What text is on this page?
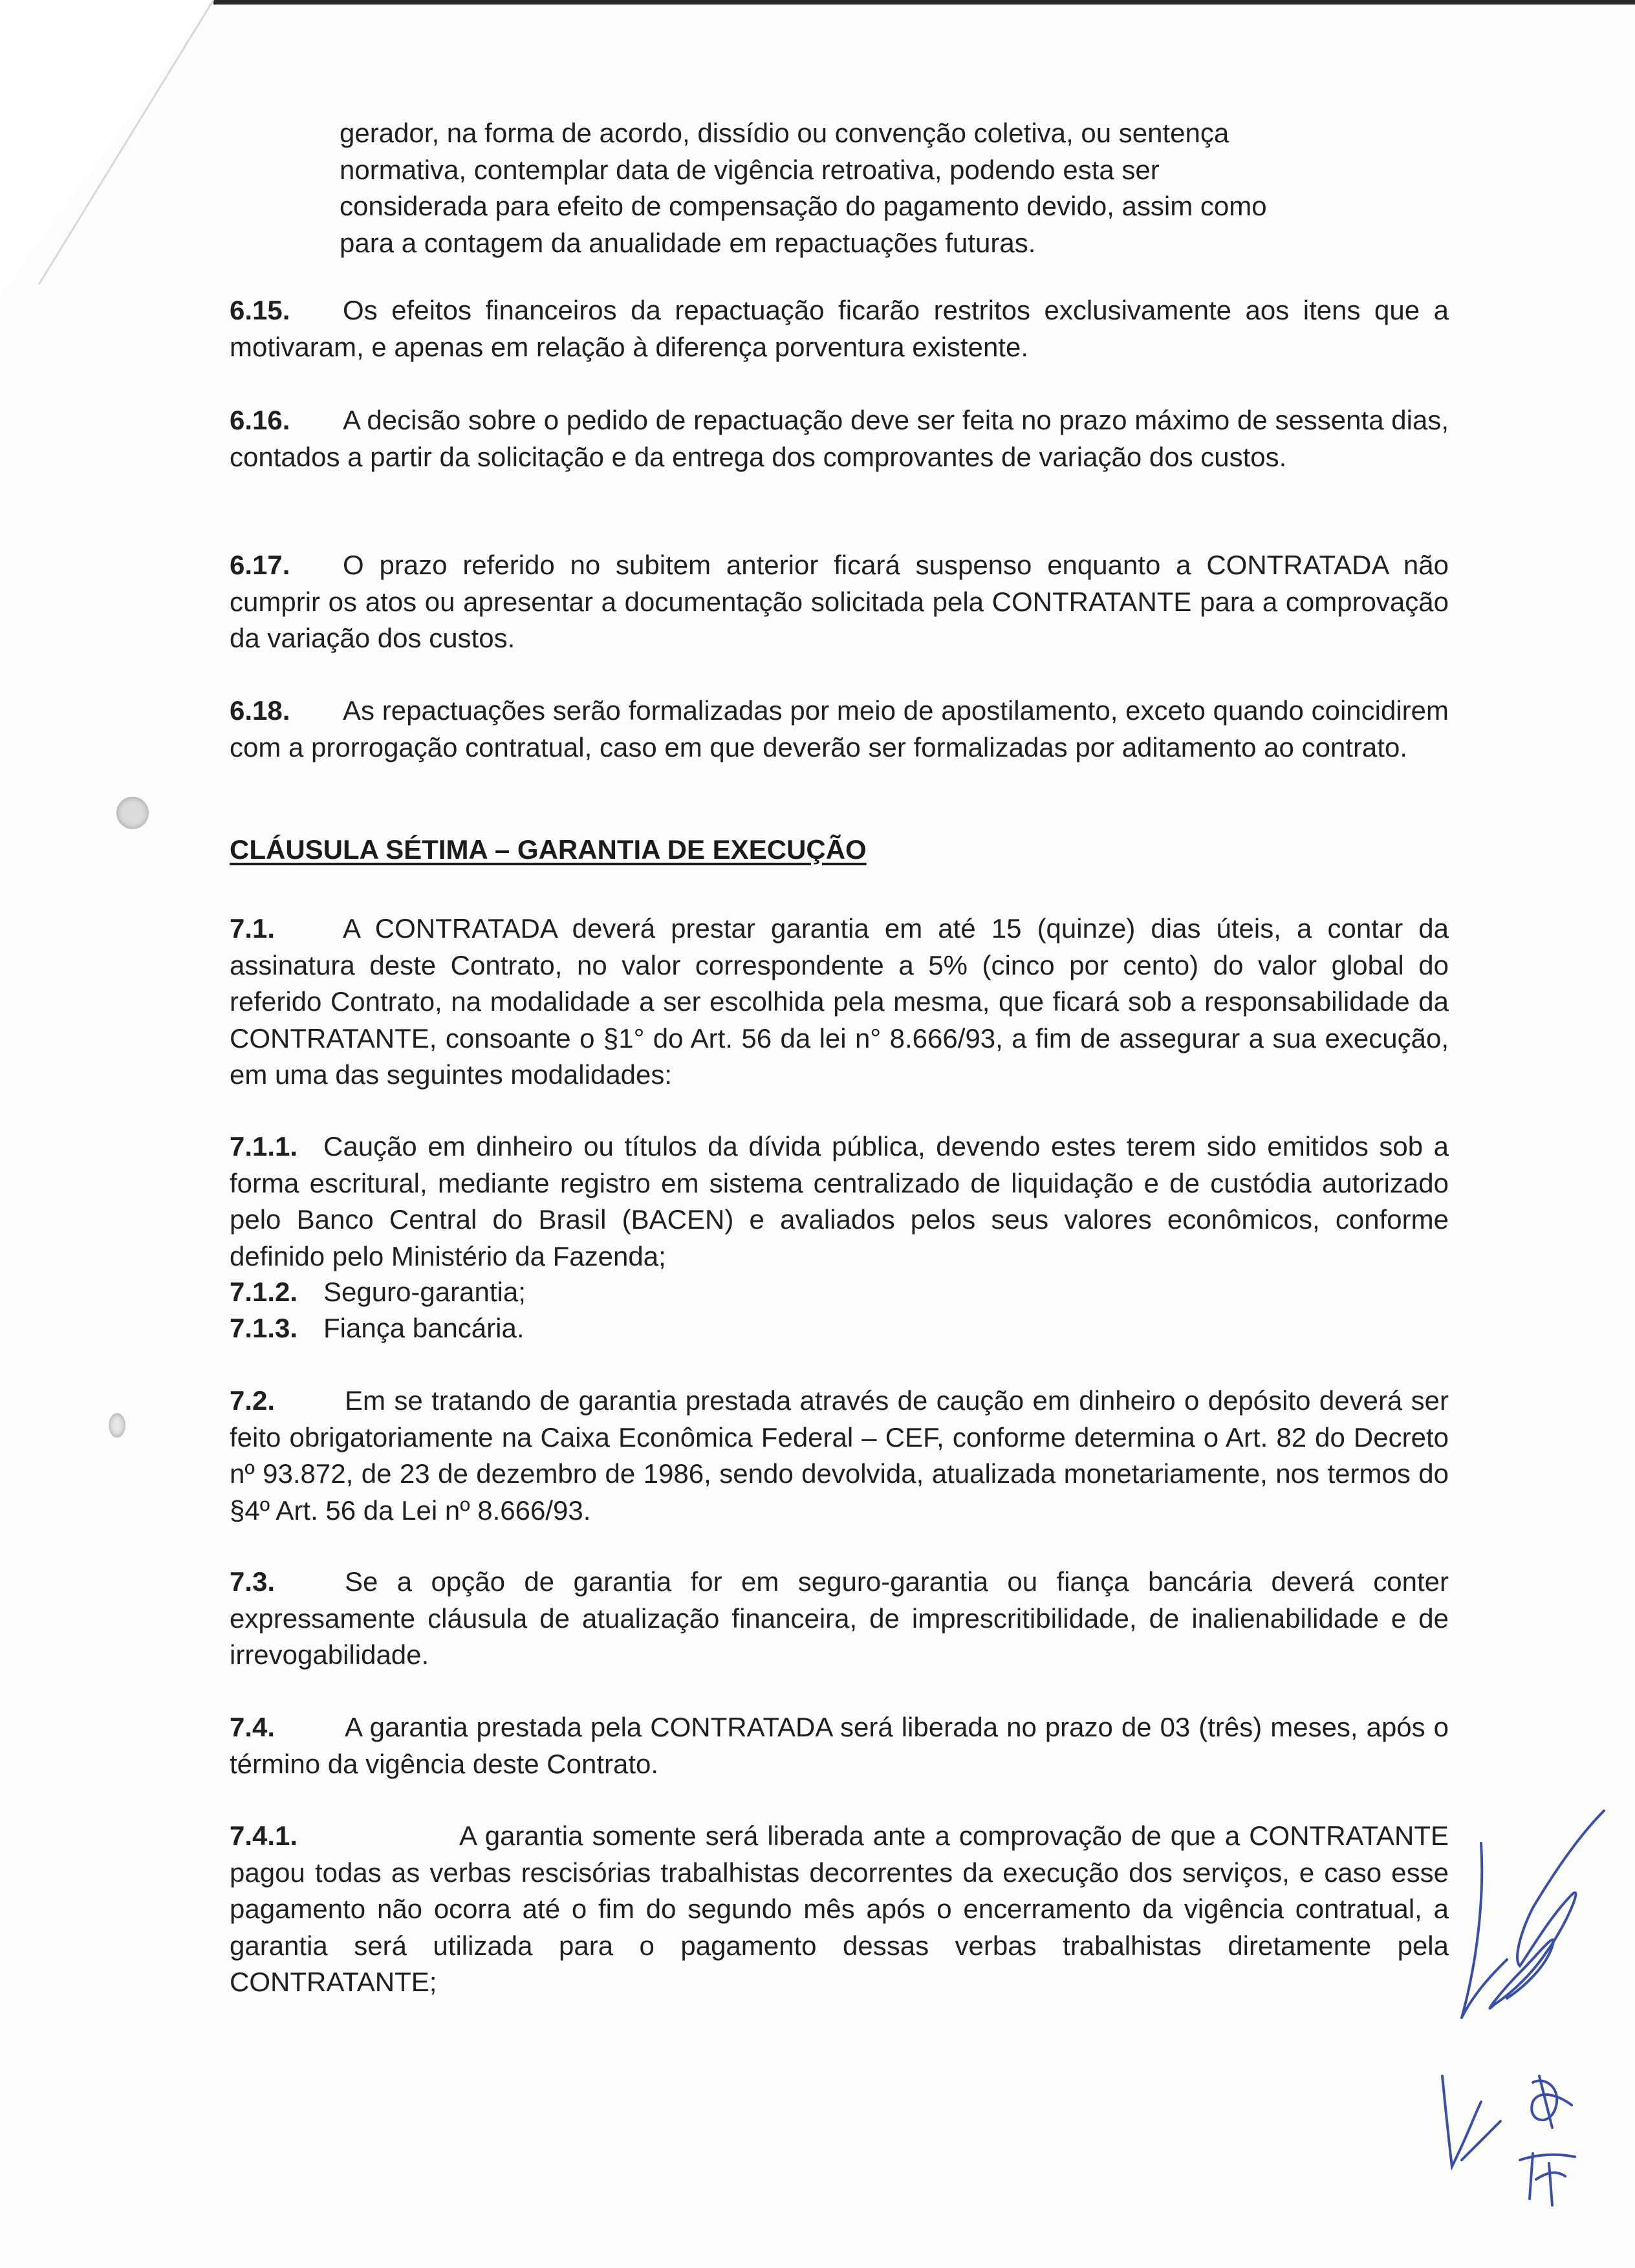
gerador, na forma de acordo, dissídio ou convenção coletiva, ou sentença
normativa, contemplar data de vigência retroativa, podendo esta ser
considerada para efeito de compensação do pagamento devido, assim como
para a contagem da anualidade em repactuações futuras.
6.15. Os efeitos financeiros da repactuação ficarão restritos exclusivamente aos itens que a motivaram, e apenas em relação à diferença porventura existente.
6.16. A decisão sobre o pedido de repactuação deve ser feita no prazo máximo de sessenta dias, contados a partir da solicitação e da entrega dos comprovantes de variação dos custos.
6.17. O prazo referido no subitem anterior ficará suspenso enquanto a CONTRATADA não cumprir os atos ou apresentar a documentação solicitada pela CONTRATANTE para a comprovação da variação dos custos.
6.18. As repactuações serão formalizadas por meio de apostilamento, exceto quando coincidirem com a prorrogação contratual, caso em que deverão ser formalizadas por aditamento ao contrato.
CLÁUSULA SÉTIMA – GARANTIA DE EXECUÇÃO
7.1. A CONTRATADA deverá prestar garantia em até 15 (quinze) dias úteis, a contar da assinatura deste Contrato, no valor correspondente a 5% (cinco por cento) do valor global do referido Contrato, na modalidade a ser escolhida pela mesma, que ficará sob a responsabilidade da CONTRATANTE, consoante o §1° do Art. 56 da lei n° 8.666/93, a fim de assegurar a sua execução, em uma das seguintes modalidades:
7.1.1. Caução em dinheiro ou títulos da dívida pública, devendo estes terem sido emitidos sob a forma escritural, mediante registro em sistema centralizado de liquidação e de custódia autorizado pelo Banco Central do Brasil (BACEN) e avaliados pelos seus valores econômicos, conforme definido pelo Ministério da Fazenda;
7.1.2. Seguro-garantia;
7.1.3. Fiança bancária.
7.2.	Em se tratando de garantia prestada através de caução em dinheiro o depósito deverá ser feito obrigatoriamente na Caixa Econômica Federal – CEF, conforme determina o Art. 82 do Decreto nº 93.872, de 23 de dezembro de 1986, sendo devolvida, atualizada monetariamente, nos termos do §4º Art. 56 da Lei nº 8.666/93.
7.3.	Se a opção de garantia for em seguro-garantia ou fiança bancária deverá conter expressamente cláusula de atualização financeira, de imprescritibilidade, de inalienabilidade e de irrevogabilidade.
7.4.	A garantia prestada pela CONTRATADA será liberada no prazo de 03 (três) meses, após o término da vigência deste Contrato.
7.4.1.	A garantia somente será liberada ante a comprovação de que a CONTRATANTE pagou todas as verbas rescisórias trabalhistas decorrentes da execução dos serviços, e caso esse pagamento não ocorra até o fim do segundo mês após o encerramento da vigência contratual, a garantia será utilizada para o pagamento dessas verbas trabalhistas diretamente pela CONTRATANTE;
